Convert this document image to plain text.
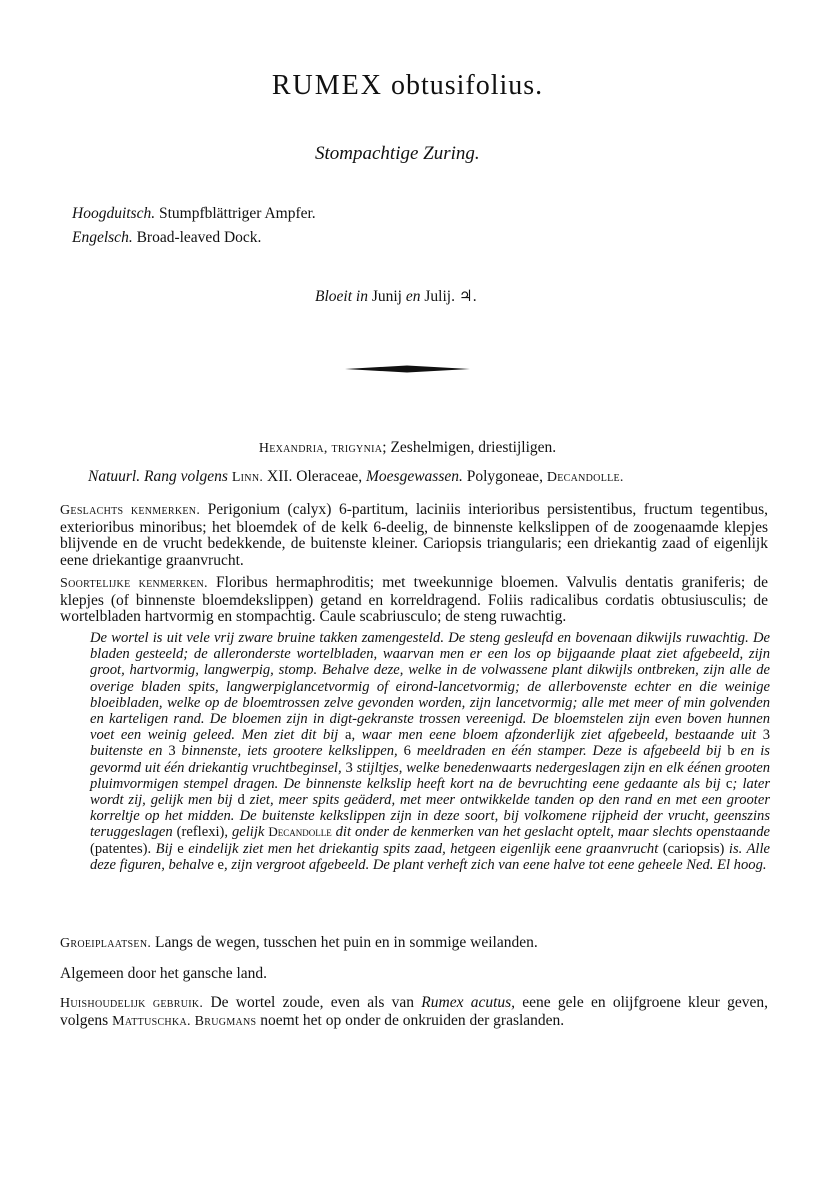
RUMEX obtusifolius.

Stompachtige Zuring.

Hoogduitsch. Stumpfblättriger Ampfer.
Engelsch. Broad-leaved Dock.
Bloeit in Junij en Julij. ♃.
Hexandria, trigynia; Zeshelmigen, driestijligen.
Natuurl. Rang volgens Linn. XII. Oleraceae, Moesgewassen. Polygoneae, Decandolle.

Geslachts kenmerken. Perigonium (calyx) 6-partitum, laciniis interioribus persistentibus, fructum tegentibus, exterioribus minoribus; het bloemdek of de kelk 6-deelig, de binnenste kelkslippen of de zoogenaamde klepjes blijvende en de vrucht bedekkende, de buitenste kleiner. Cariopsis triangularis; een driekantig zaad of eigenlijk eene driekantige graanvrucht.

Soortelijke kenmerken. Floribus hermaphroditis; met tweekunnige bloemen. Valvulis dentatis graniferis; de klepjes (of binnenste bloemdekslippen) getand en korreldragend. Foliis radicalibus cordatis obtusiusculis; de wortelbladen hartvormig en stompachtig. Caule scabriusculo; de steng ruwachtig.

De wortel is uit vele vrij zware bruine takken zamengesteld. De steng gesleufd en bovenaan dikwijls ruwachtig. De bladen gesteeld; de alleronderste wortelbladen, waarvan men er een los op bijgaande plaat ziet afgebeeld, zijn groot, hartvormig, langwerpig, stomp. Behalve deze, welke in de volwassene plant dikwijls ontbreken, zijn alle de overige bladen spits, langwerpiglancetvormig of eirond-lancetvormig; de allerbovenste echter en die weinige bloeibladen, welke op de bloemtrossen zelve gevonden worden, zijn lancetvormig; alle met meer of min golvenden en karteligen rand. De bloemen zijn in digt-gekranste trossen vereenigd. De bloemstelen zijn even boven hunnen voet een weinig geleed. Men ziet dit bij a, waar men eene bloem afzonderlijk ziet afgebeeld, bestaande uit 3 buitenste en 3 binnenste, iets grootere kelkslippen, 6 meeldraden en één stamper. Deze is afgebeeld bij b en is gevormd uit één driekantig vruchtbeginsel, 3 stijltjes, welke benedenwaarts nedergeslagen zijn en elk éénen grooten pluimvormigen stempel dragen. De binnenste kelkslip heeft kort na de bevruchting eene gedaante als bij c; later wordt zij, gelijk men bij d ziet, meer spits geäderd, met meer ontwikkelde tanden op den rand en met een grooter korreltje op het midden. De buitenste kelkslippen zijn in deze soort, bij volkomene rijpheid der vrucht, geenszins teruggeslagen (reflexi), gelijk Decandolle dit onder de kenmerken van het geslacht optelt, maar slechts openstaande (patentes). Bij e eindelijk ziet men het driekantig spits zaad, hetgeen eigenlijk eene graanvrucht (cariopsis) is. Alle deze figuren, behalve e, zijn vergroot afgebeeld. De plant verheft zich van eene halve tot eene geheele Ned. El hoog.

Groeiplaatsen. Langs de wegen, tusschen het puin en in sommige weilanden.

Algemeen door het gansche land.

Huishoudelijk gebruik. De wortel zoude, even als van Rumex acutus, eene gele en olijfgroene kleur geven, volgens Mattuschka. Brugmans noemt het op onder de onkruiden der graslanden.
